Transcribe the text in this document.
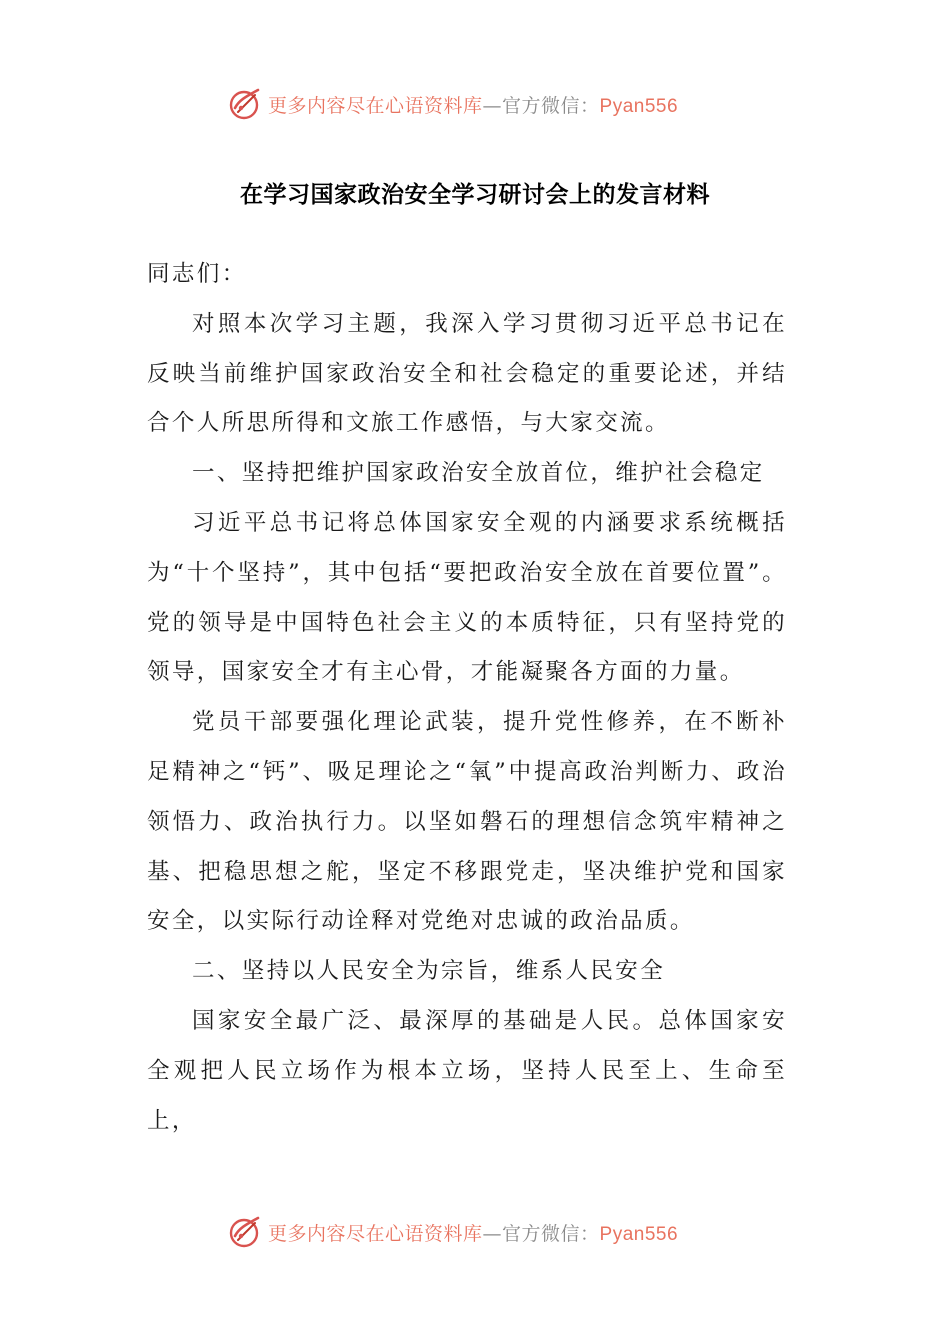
更多内容尽在心语资料库—官方微信：Pyan556
在学习国家政治安全学习研讨会上的发言材料

同志们：

对照本次学习主题，我深入学习贯彻习近平总书记在反映当前维护国家政治安全和社会稳定的重要论述，并结合个人所思所得和文旅工作感悟，与大家交流。

一、坚持把维护国家政治安全放首位，维护社会稳定

习近平总书记将总体国家安全观的内涵要求系统概括为“十个坚持”，其中包括“要把政治安全放在首要位置”。党的领导是中国特色社会主义的本质特征，只有坚持党的领导，国家安全才有主心骨，才能凝聚各方面的力量。

党员干部要强化理论武装，提升党性修养，在不断补足精神之“钙”、吸足理论之“氧”中提高政治判断力、政治领悟力、政治执行力。以坚如磐石的理想信念筑牢精神之基、把稳思想之舵，坚定不移跟党走，坚决维护党和国家安全，以实际行动诠释对党绝对忠诚的政治品质。

二、坚持以人民安全为宗旨，维系人民安全

国家安全最广泛、最深厚的基础是人民。总体国家安全观把人民立场作为根本立场，坚持人民至上、生命至上，

更多内容尽在心语资料库—官方微信：Pyan556
